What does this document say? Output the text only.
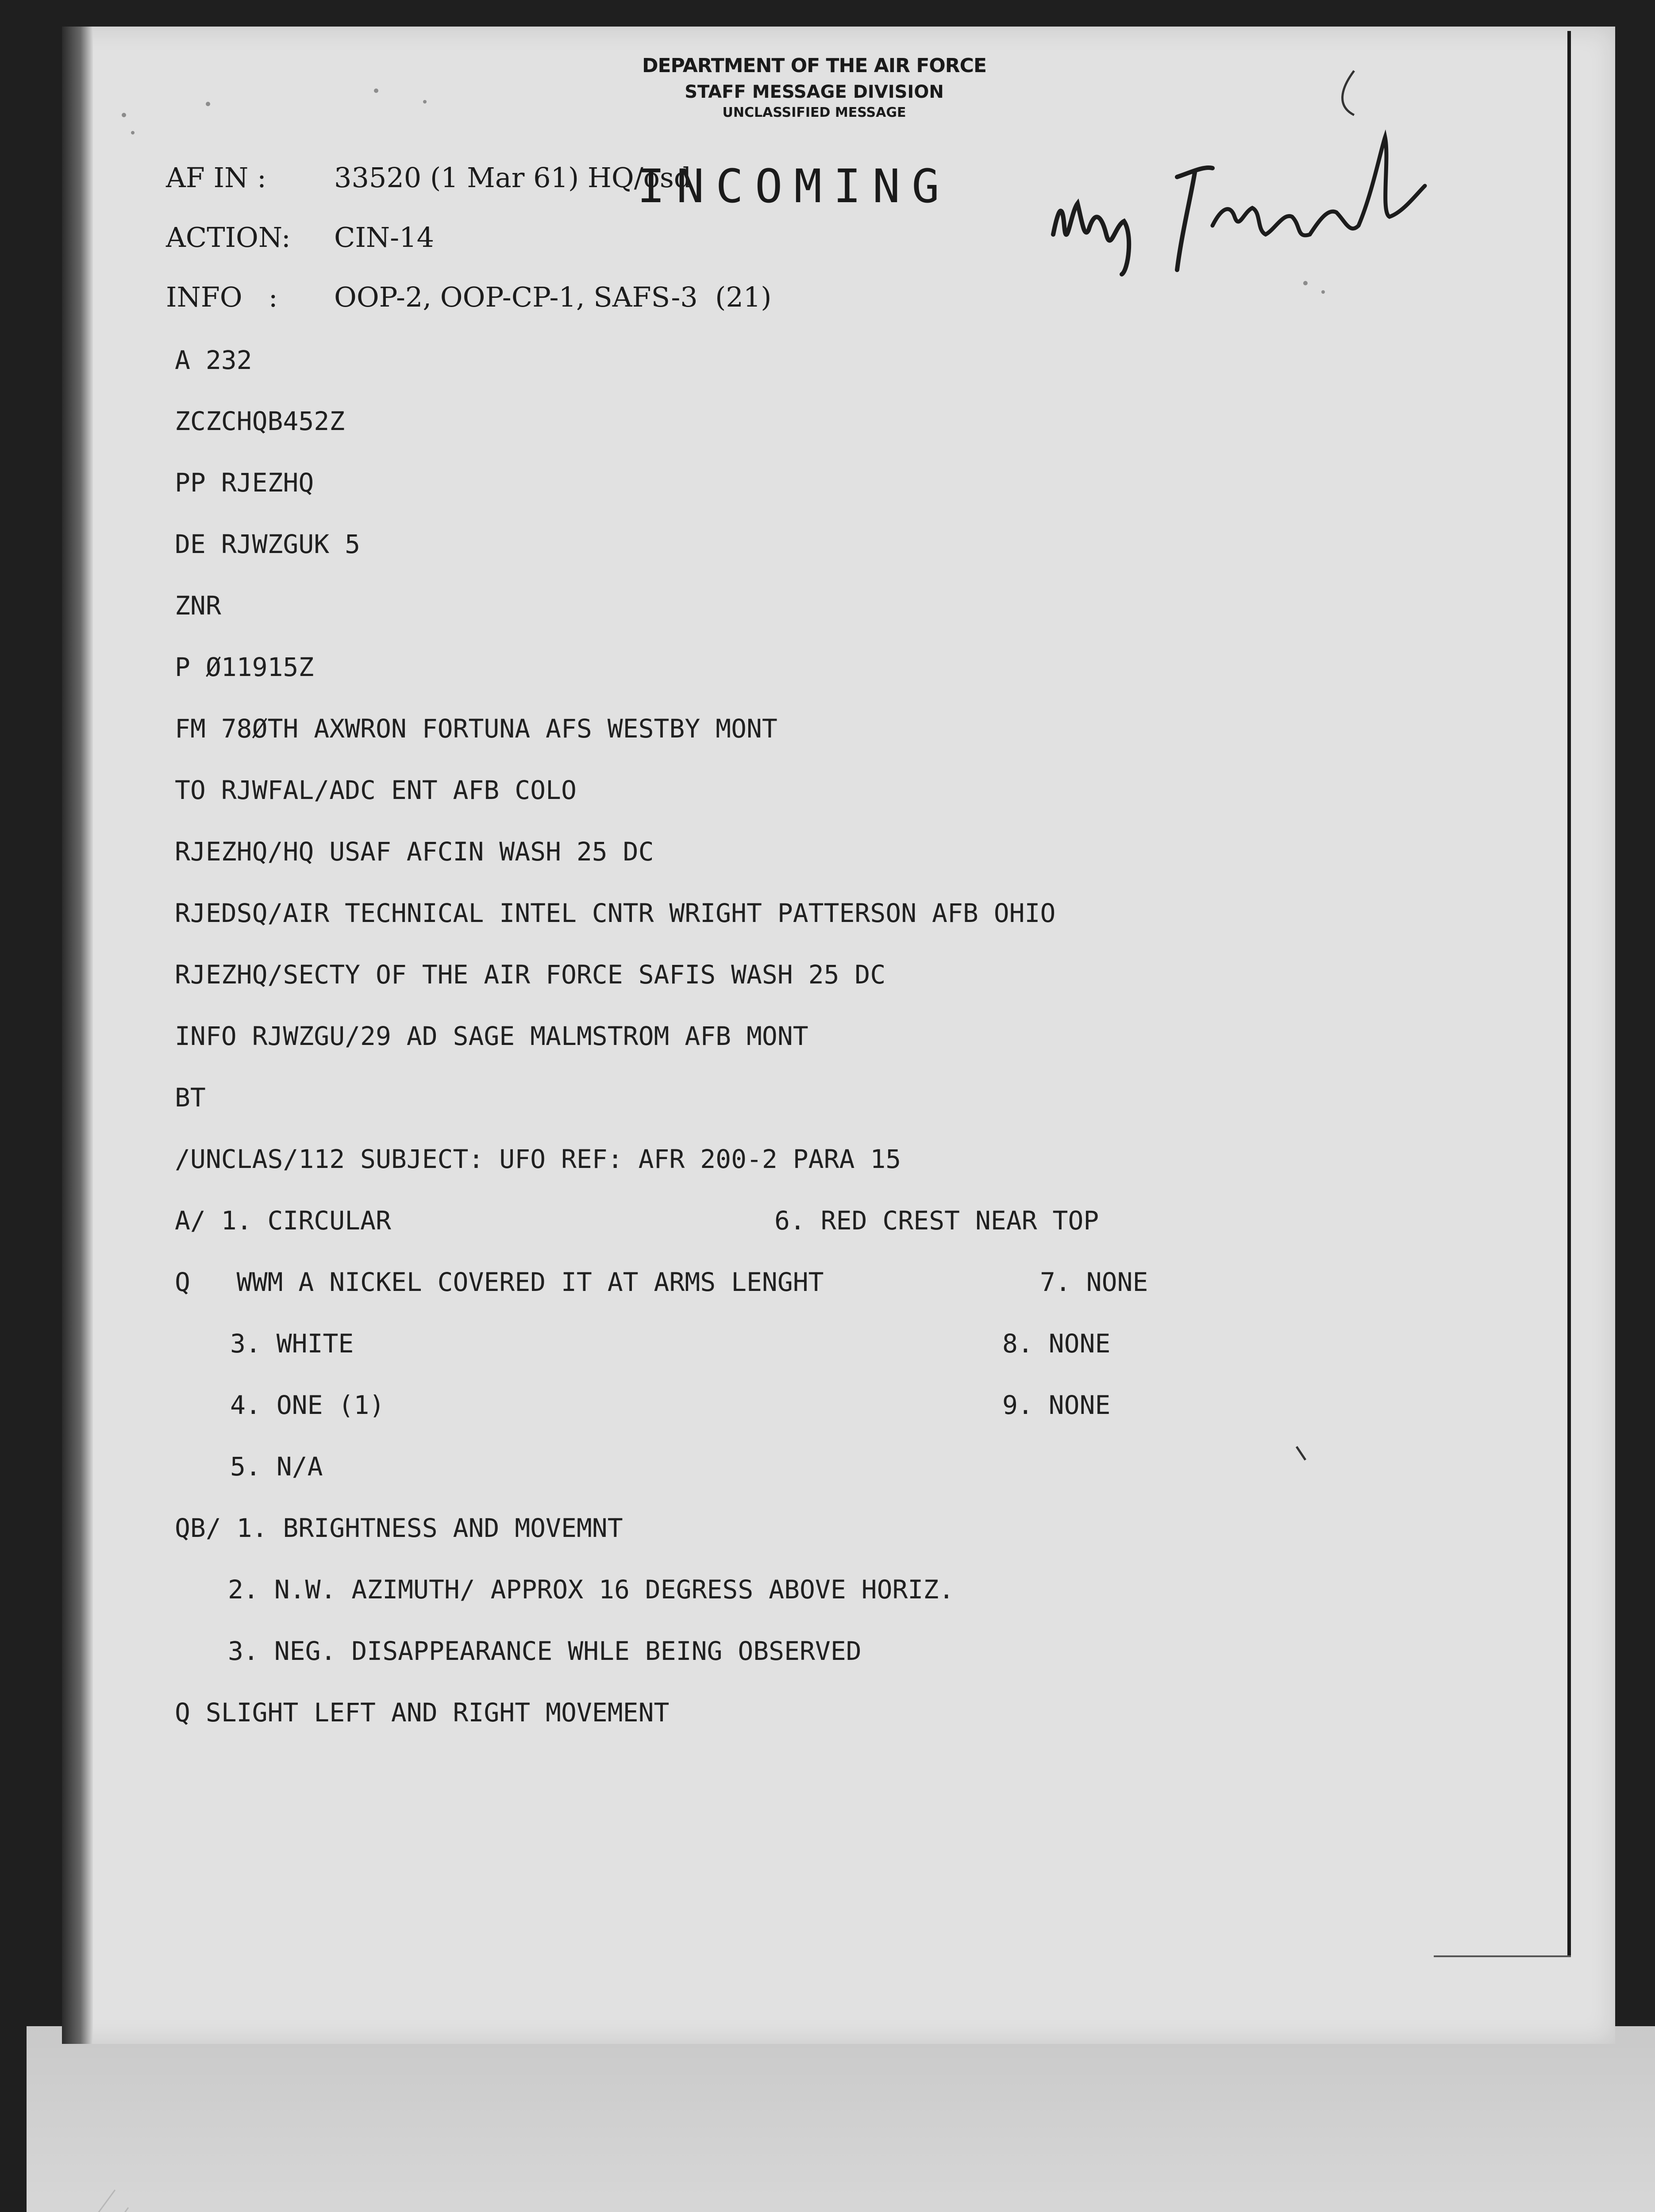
DEPARTMENT OF THE AIR FORCE
STAFF MESSAGE DIVISION
UNCLASSIFIED MESSAGE
INCOMING
AF IN : 33520 (1 Mar 61) HQ/osd
ACTION: CIN-14
INFO   : OOP-2, OOP-CP-1, SAFS-3  (21)
A 232
ZCZCHQB452Z
PP RJEZHQ
DE RJWZGUK 5
ZNR
P Ø11915Z
FM 78ØTH AXWRON FORTUNA AFS WESTBY MONT
TO RJWFAL/ADC ENT AFB COLO
RJEZHQ/HQ USAF AFCIN WASH 25 DC
RJEDSQ/AIR TECHNICAL INTEL CNTR WRIGHT PATTERSON AFB OHIO
RJEZHQ/SECTY OF THE AIR FORCE SAFIS WASH 25 DC
INFO RJWZGU/29 AD SAGE MALMSTROM AFB MONT
BT
/UNCLAS/112 SUBJECT: UFO REF: AFR 200-2 PARA 15
A/ 1. CIRCULAR	6. RED CREST NEAR TOP
Q   WWM A NICKEL COVERED IT AT ARMS LENGHT	7. NONE
3. WHITE	8. NONE
4. ONE (1)	9. NONE
5. N/A
QB/ 1. BRIGHTNESS AND MOVEMNT
2. N.W. AZIMUTH/ APPROX 16 DEGRESS ABOVE HORIZ.
3. NEG. DISAPPEARANCE WHLE BEING OBSERVED
Q SLIGHT LEFT AND RIGHT MOVEMENT
